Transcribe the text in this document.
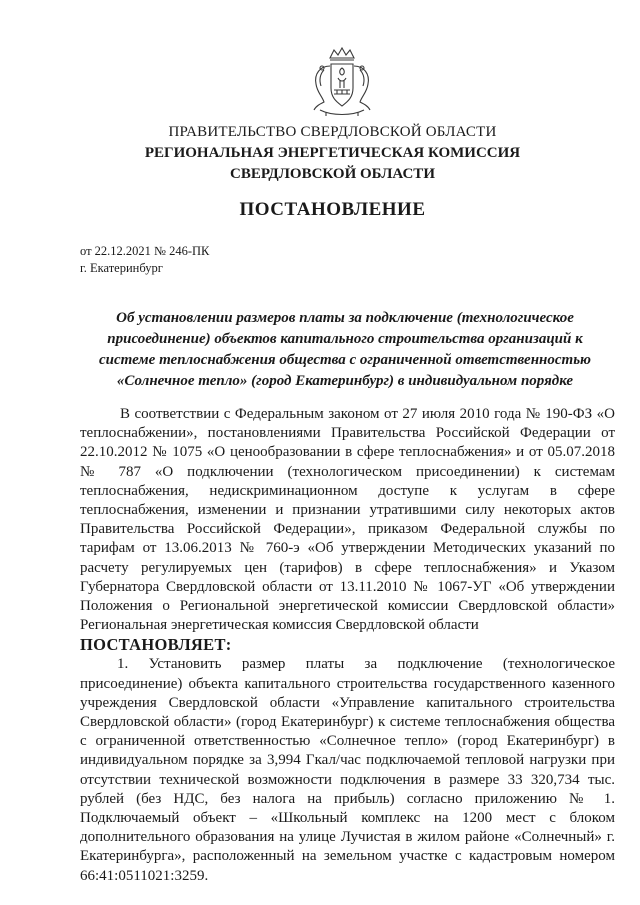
ПРАВИТЕЛЬСТВО СВЕРДЛОВСКОЙ ОБЛАСТИ
РЕГИОНАЛЬНАЯ ЭНЕРГЕТИЧЕСКАЯ КОМИССИЯ
СВЕРДЛОВСКОЙ ОБЛАСТИ
ПОСТАНОВЛЕНИЕ
от 22.12.2021 № 246-ПК
г. Екатеринбург
Об установлении размеров платы за подключение (технологическое присоединение) объектов капитального строительства организаций к системе теплоснабжения общества с ограниченной ответственностью «Солнечное тепло» (город Екатеринбург) в индивидуальном порядке

В соответствии с Федеральным законом от 27 июля 2010 года № 190-ФЗ «О теплоснабжении», постановлениями Правительства Российской Федерации от 22.10.2012 № 1075 «О ценообразовании в сфере теплоснабжения» и от 05.07.2018 № 787 «О подключении (технологическом присоединении) к системам теплоснабжения, недискриминационном доступе к услугам в сфере теплоснабжения, изменении и признании утратившими силу некоторых актов Правительства Российской Федерации», приказом Федеральной службы по тарифам от 13.06.2013 № 760-э «Об утверждении Методических указаний по расчету регулируемых цен (тарифов) в сфере теплоснабжения» и Указом Губернатора Свердловской области от 13.11.2010 № 1067-УГ «Об утверждении Положения о Региональной энергетической комиссии Свердловской области» Региональная энергетическая комиссия Свердловской области

ПОСТАНОВЛЯЕТ:

1. Установить размер платы за подключение (технологическое присоединение) объекта капитального строительства государственного казенного учреждения Свердловской области «Управление капитального строительства Свердловской области» (город Екатеринбург) к системе теплоснабжения общества с ограниченной ответственностью «Солнечное тепло» (город Екатеринбург) в индивидуальном порядке за 3,994 Гкал/час подключаемой тепловой нагрузки при отсутствии технической возможности подключения в размере 33 320,734 тыс. рублей (без НДС, без налога на прибыль) согласно приложению № 1. Подключаемый объект – «Школьный комплекс на 1200 мест с блоком дополнительного образования на улице Лучистая в жилом районе «Солнечный» г. Екатеринбурга», расположенный на земельном участке с кадастровым номером 66:41:0511021:3259.
